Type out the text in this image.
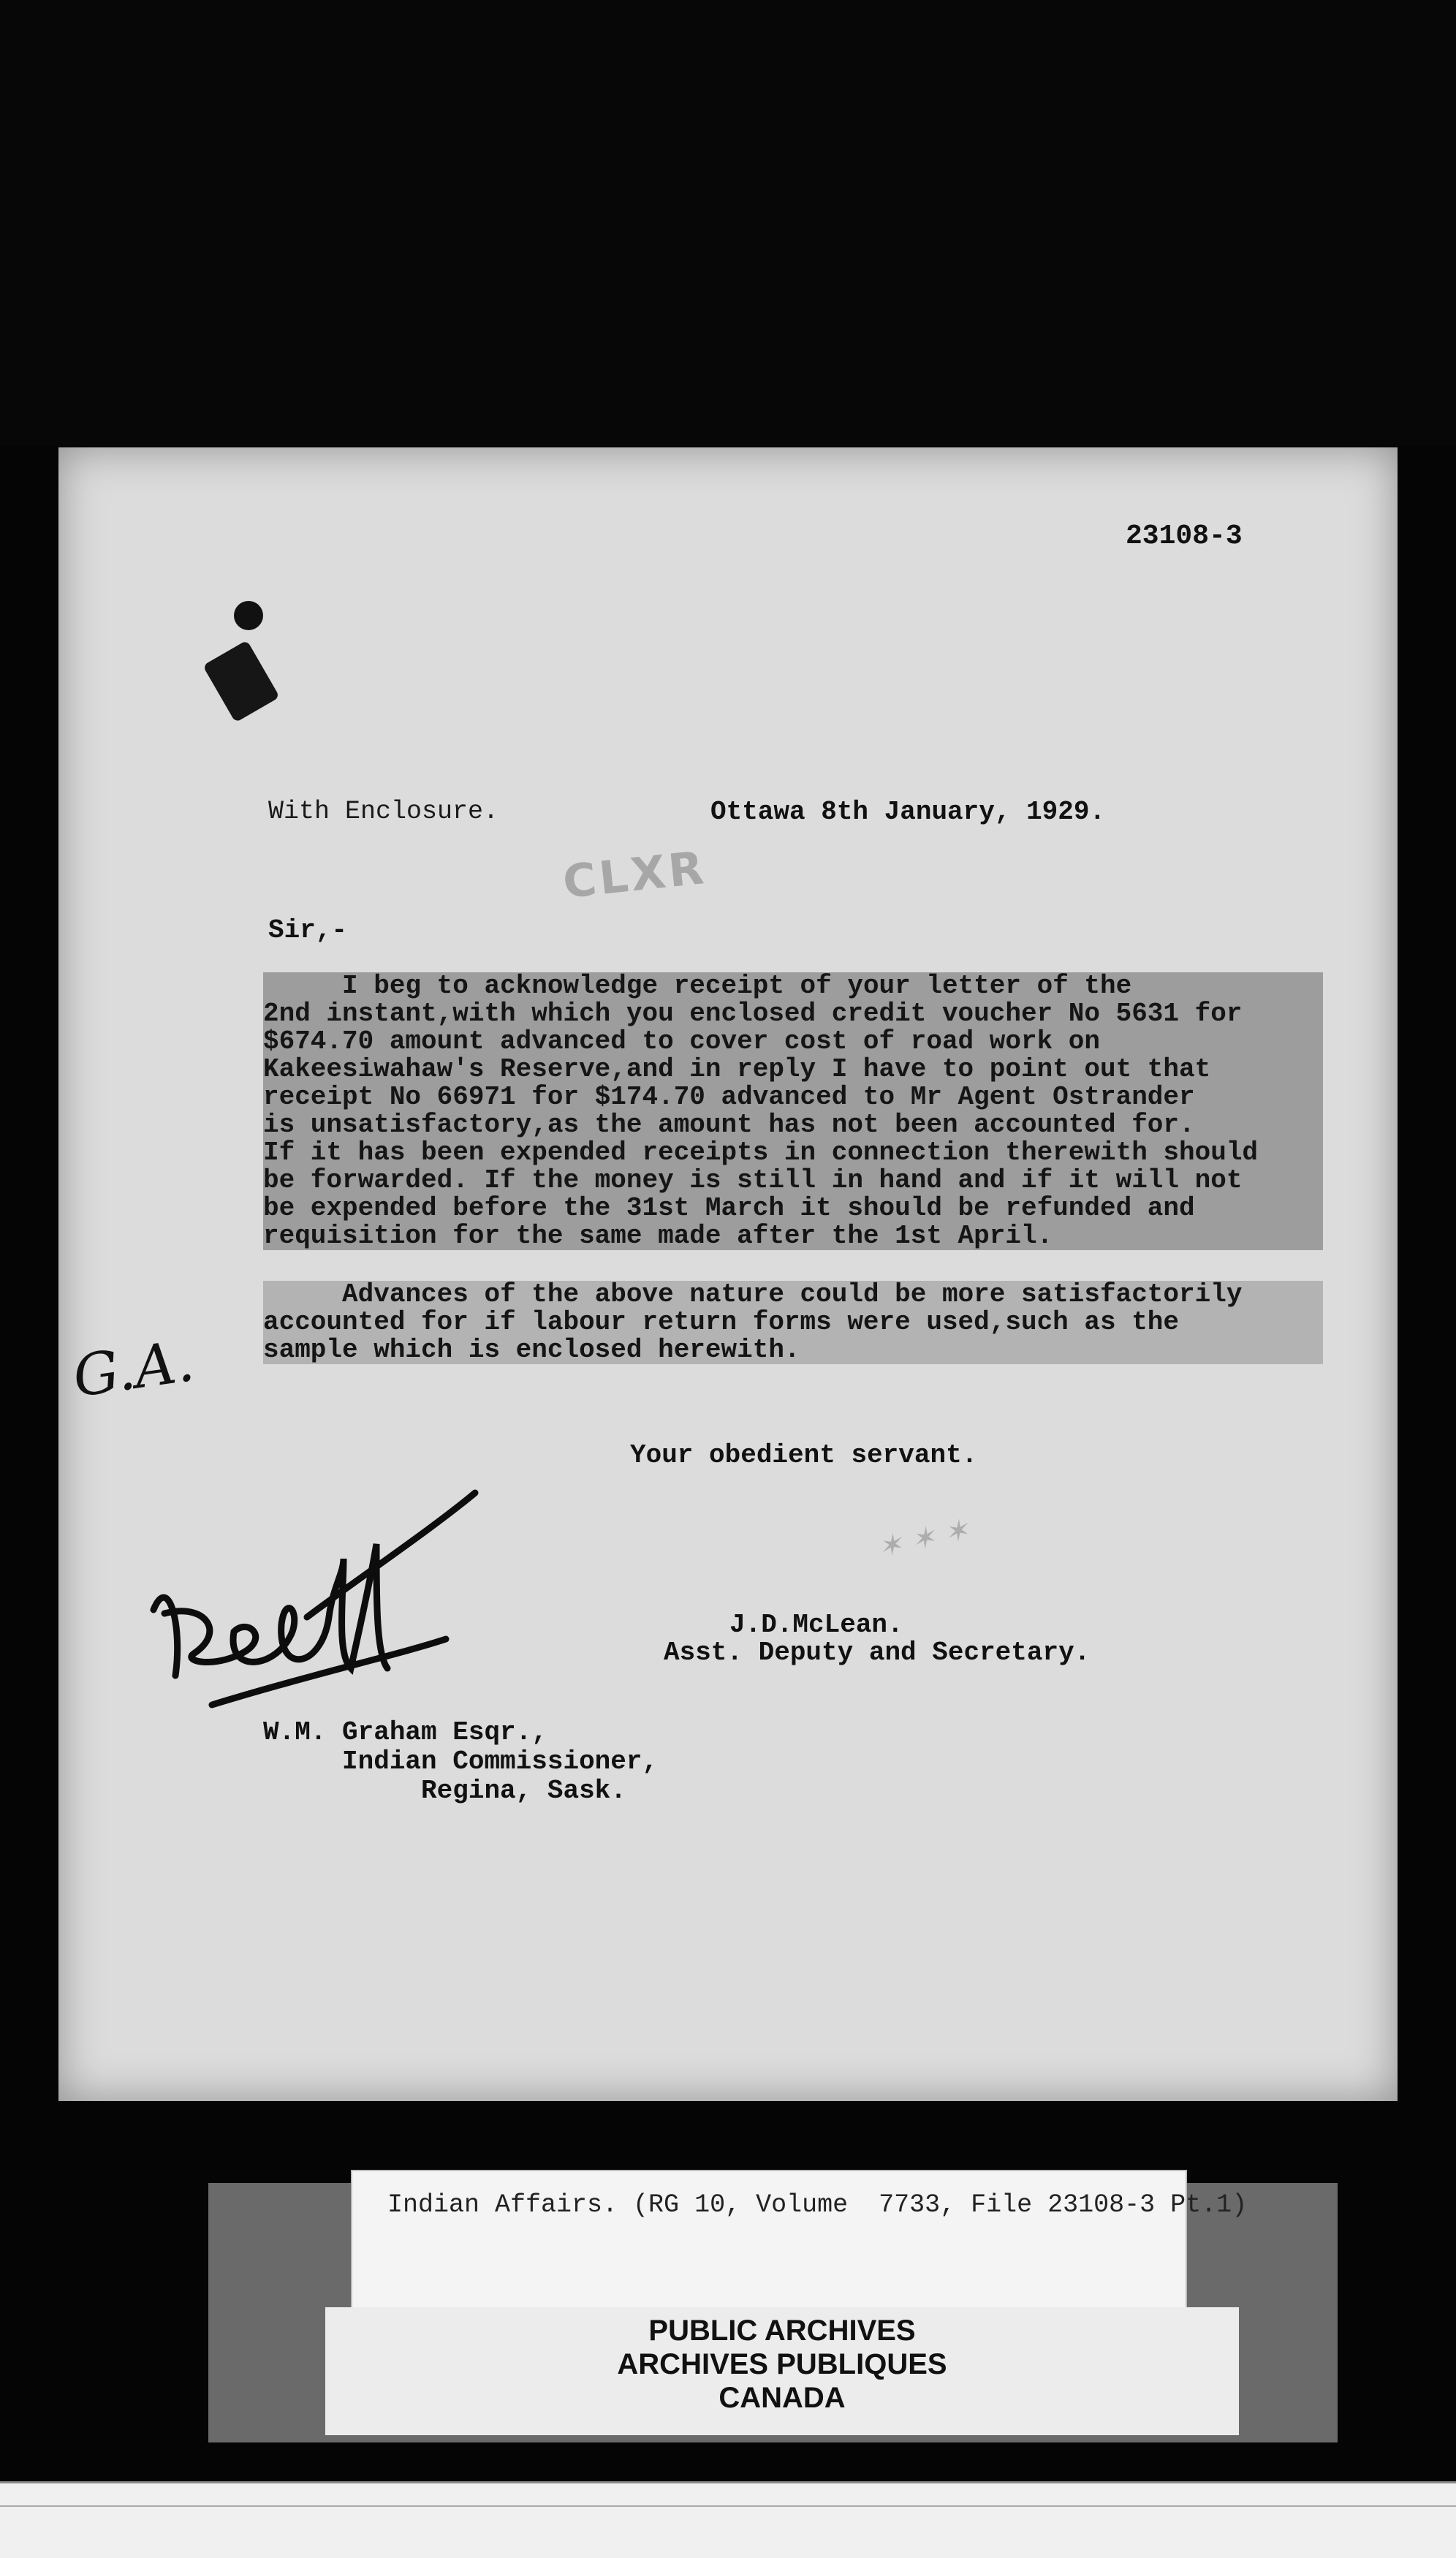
23108-3
With Enclosure.	Ottawa 8th January, 1929.
CLXR
Sir,-
I beg to acknowledge receipt of your letter of the
2nd instant,with which you enclosed credit voucher No 5631 for
$674.70 amount advanced to cover cost of road work on
Kakeesiwahaw's Reserve,and in reply I have to point out that
receipt No 66971 for $174.70 advanced to Mr Agent Ostrander
is unsatisfactory,as the amount has not been accounted for.
If it has been expended receipts in connection therewith should
be forwarded. If the money is still in hand and if it will not
be expended before the 31st March it should be refunded and
requisition for the same made after the 1st April.
Advances of the above nature could be more satisfactorily
accounted for if labour return forms were used,such as the
sample which is enclosed herewith.
G.A.
Your obedient servant.
✶ ✶ ✶
J.D.McLean.
Asst. Deputy and Secretary.
W.M. Graham Esqr.,
Indian Commissioner,
Regina, Sask.
Indian Affairs. (RG 10, Volume  7733, File 23108-3 Pt.1)
PUBLIC ARCHIVES
ARCHIVES PUBLIQUES
CANADA
